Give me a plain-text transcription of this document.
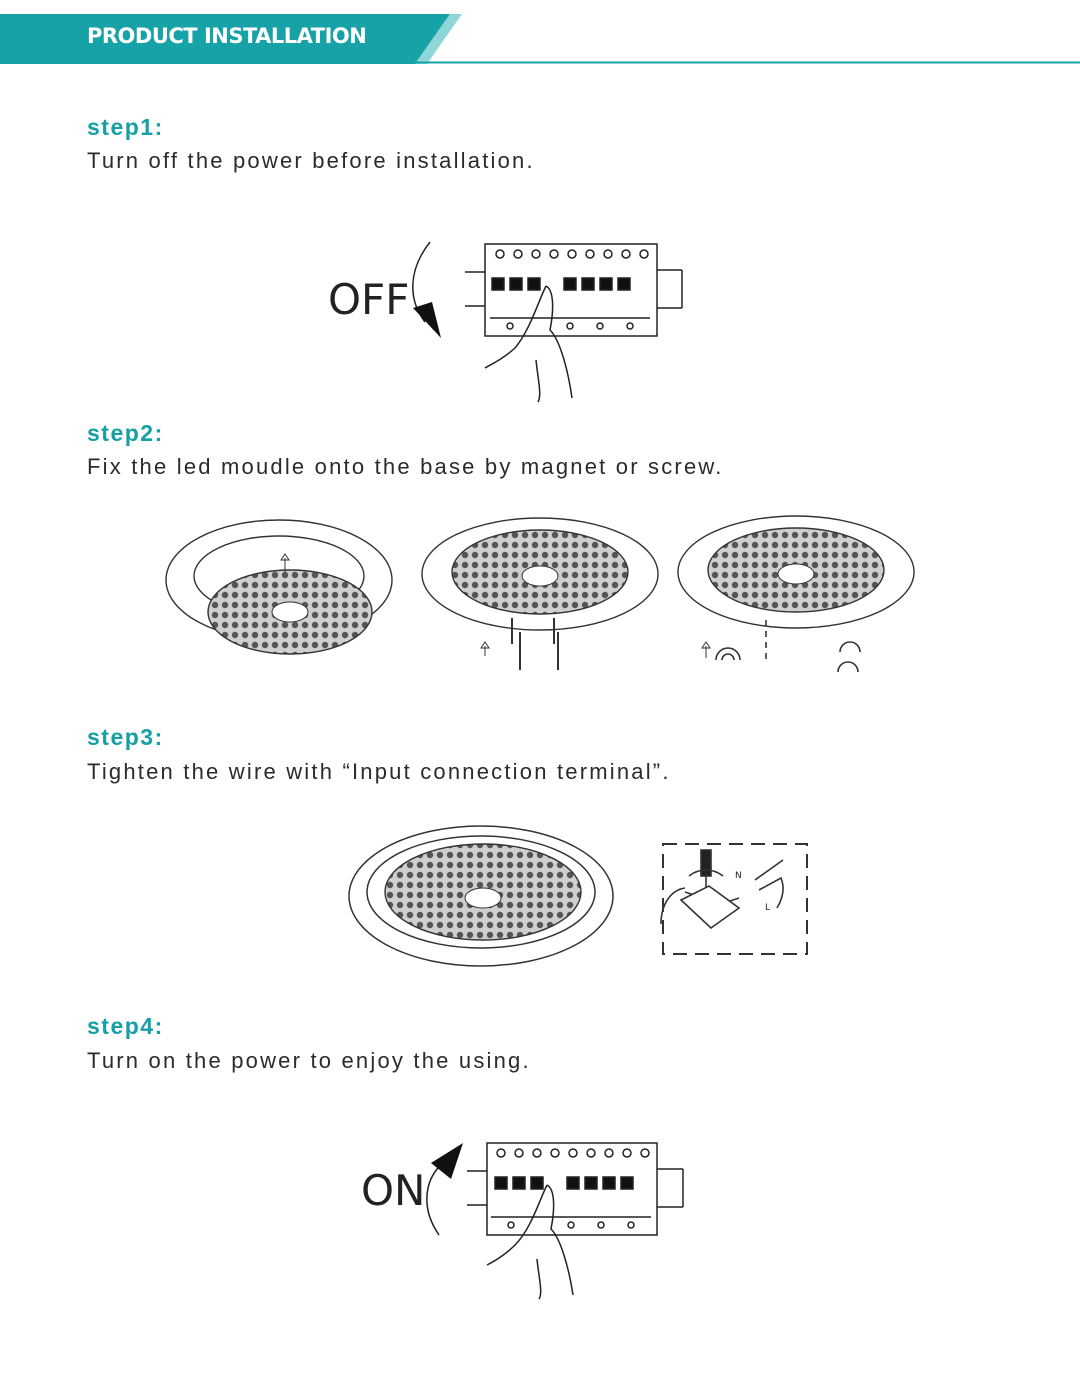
PRODUCT INSTALLATION
step1:
Turn off the power before installation.
OFF
step2:
Fix the led moudle onto the base by magnet or screw.
step3:
Tighten the wire with “Input connection terminal”.
N
L
step4:
Turn on the power to enjoy the using.
ON
